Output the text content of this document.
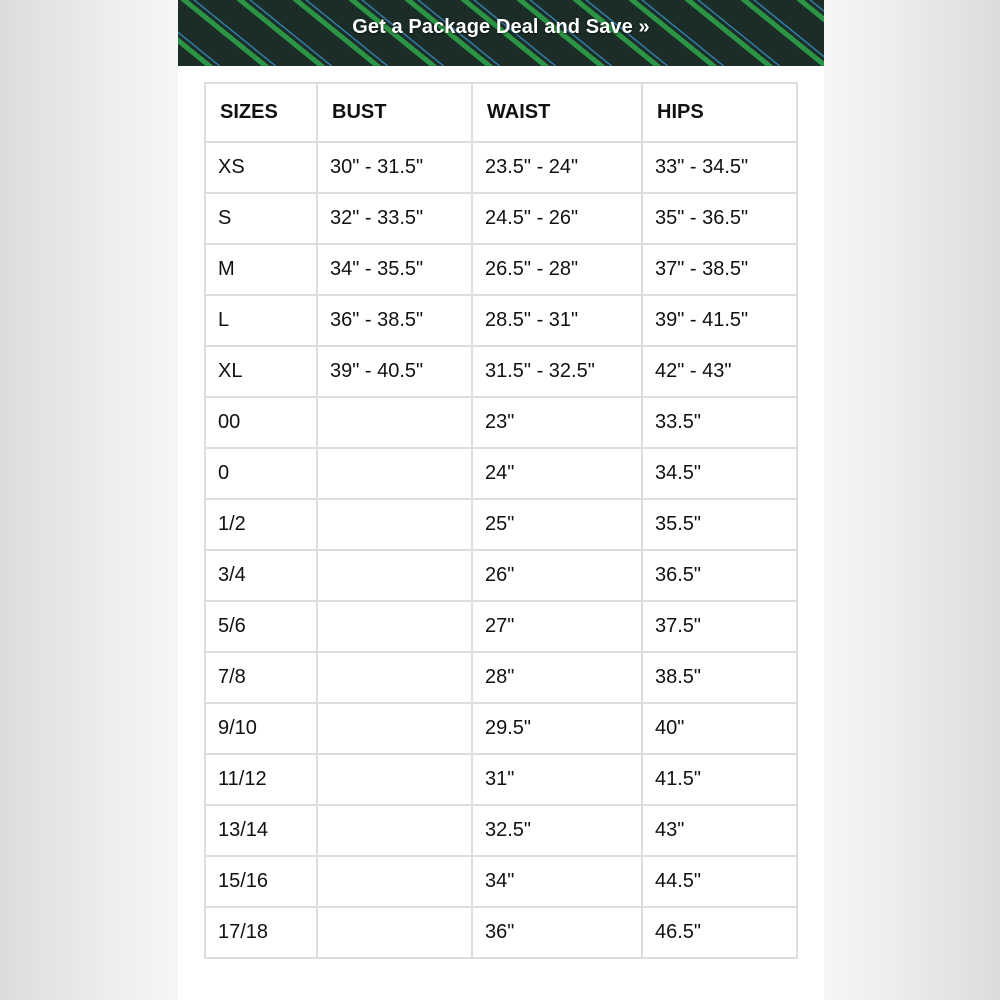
Get a Package Deal and Save »
SIZES	BUST	WAIST	HIPS
XS	30" - 31.5"	23.5" - 24"	33" - 34.5"
S	32" - 33.5"	24.5" - 26"	35" - 36.5"
M	34" - 35.5"	26.5" - 28"	37" - 38.5"
L	36" - 38.5"	28.5" - 31"	39" - 41.5"
XL	39" - 40.5"	31.5" - 32.5"	42" - 43"
00		23"	33.5"
0		24"	34.5"
1/2		25"	35.5"
3/4		26"	36.5"
5/6		27"	37.5"
7/8		28"	38.5"
9/10		29.5"	40"
11/12		31"	41.5"
13/14		32.5"	43"
15/16		34"	44.5"
17/18		36"	46.5"
